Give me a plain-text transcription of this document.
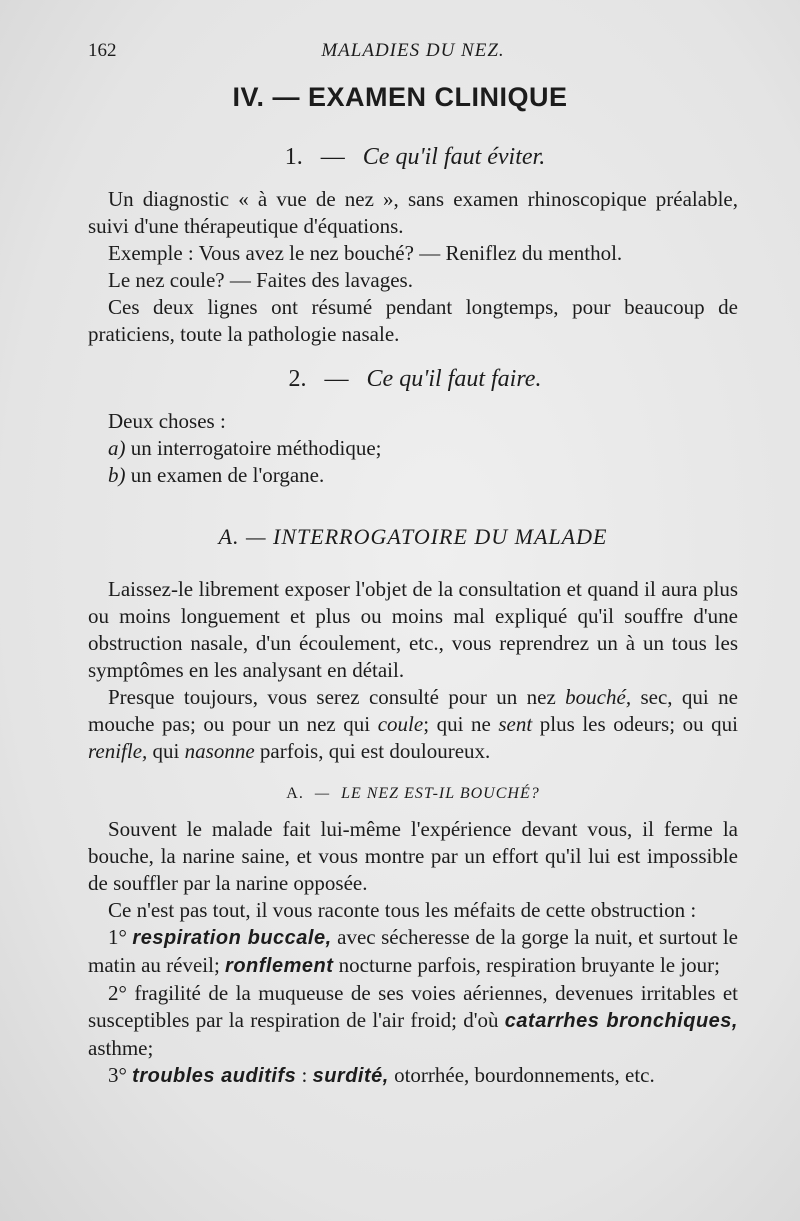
162	MALADIES DU NEZ.
IV. — EXAMEN CLINIQUE
1. — Ce qu'il faut éviter.

Un diagnostic « à vue de nez », sans examen rhinoscopique préalable, suivi d'une thérapeutique d'équations.

Exemple : Vous avez le nez bouché? — Reniflez du menthol.
Le nez coule? — Faites des lavages.

Ces deux lignes ont résumé pendant longtemps, pour beaucoup de praticiens, toute la pathologie nasale.

2. — Ce qu'il faut faire.
Deux choses :
a) un interrogatoire méthodique;
b) un examen de l'organe.
A. — INTERROGATOIRE DU MALADE

Laissez-le librement exposer l'objet de la consultation et quand il aura plus ou moins longuement et plus ou moins mal expliqué qu'il souffre d'une obstruction nasale, d'un écoulement, etc., vous reprendrez un à un tous les symptômes en les analysant en détail.

Presque toujours, vous serez consulté pour un nez bouché, sec, qui ne mouche pas; ou pour un nez qui coule; qui ne sent plus les odeurs; ou qui renifle, qui nasonne parfois, qui est douloureux.

A. — LE NEZ EST-IL BOUCHÉ?

Souvent le malade fait lui-même l'expérience devant vous, il ferme la bouche, la narine saine, et vous montre par un effort qu'il lui est impossible de souffler par la narine opposée.

Ce n'est pas tout, il vous raconte tous les méfaits de cette obstruction :

1° respiration buccale, avec sécheresse de la gorge la nuit, et surtout le matin au réveil; ronflement nocturne parfois, respiration bruyante le jour;

2° fragilité de la muqueuse de ses voies aériennes, devenues irritables et susceptibles par la respiration de l'air froid; d'où catarrhes bronchiques, asthme;

3° troubles auditifs : surdité, otorrhée, bourdonnements, etc.
